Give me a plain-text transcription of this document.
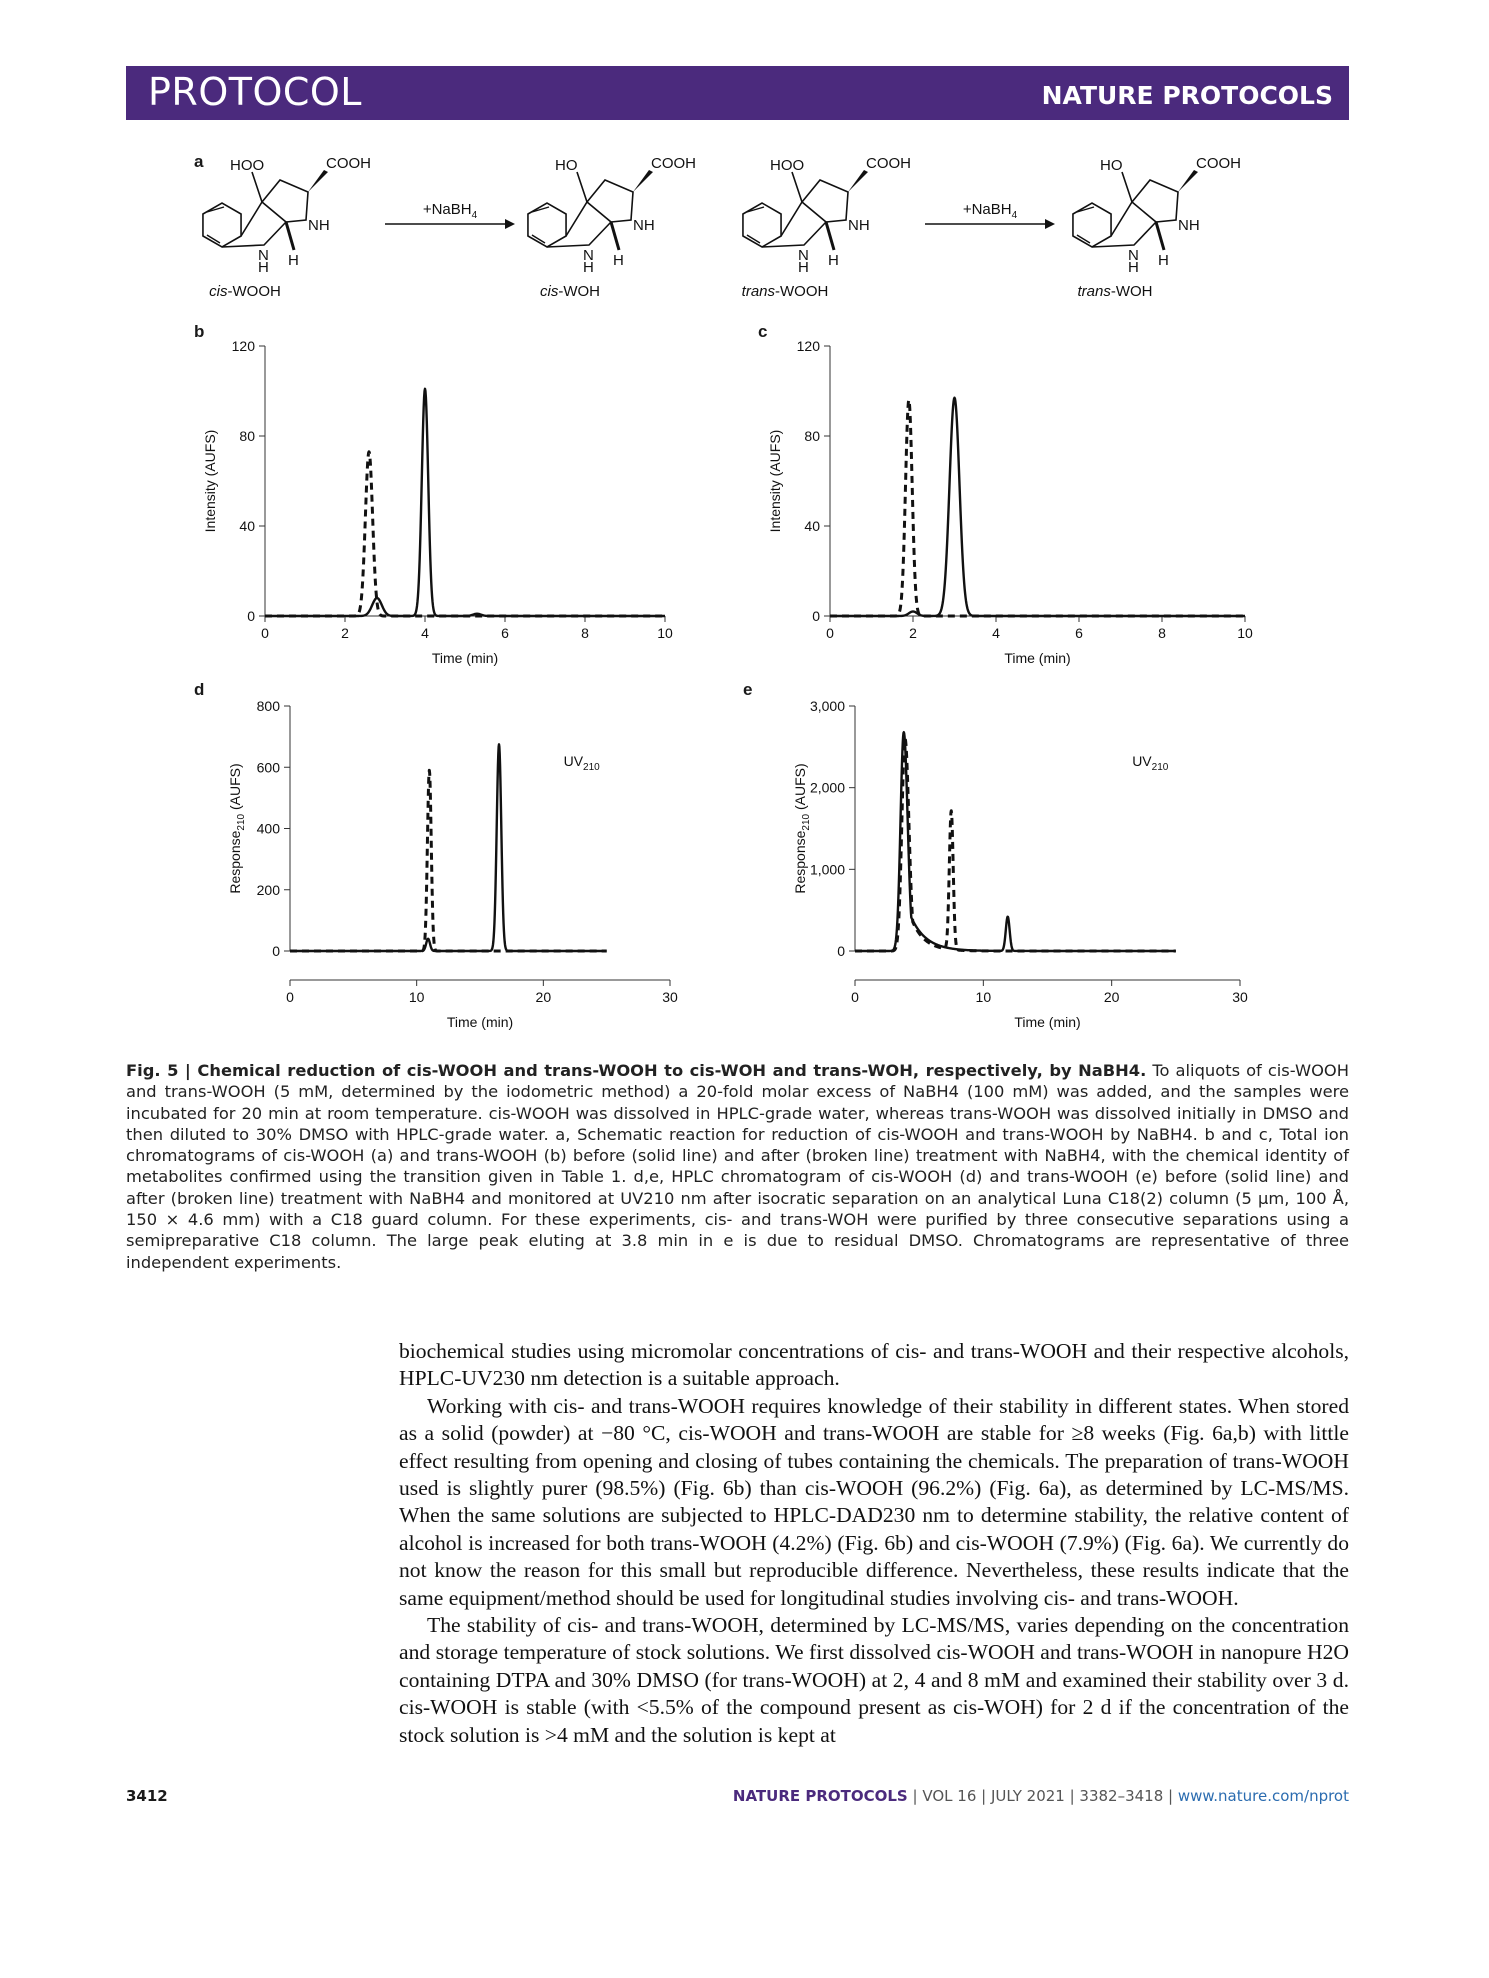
PROTOCOL	NATURE PROTOCOLS
a	COOH
HOO
NH
N
H H
cis-WOOH
COOH
HO
NH
N
H H
cis-WOH
COOH
HOO
NH
N
H H
trans-WOOH
COOH
HO
NH
N
H H
trans-WOH
+NaBH$_4$	+NaBH$_4$
b	c
d	e
0
40
80
120
0	2	4	6	8	10
Time (min)
Intensity (AUFS)
0
40
80
120
0	2	4	6	8	10
Time (min)
Intensity (AUFS)
0
200
400
600
800
0	10	20	30
Time (min)
Response$_{210}$ (AUFS)
$UV_{210}$
0
1,000
2,000
3,000
0	10	20	30
Time (min)
Response$_{210}$ (AUFS)
$UV_{210}$
Fig. 5 | Chemical reduction of cis-WOOH and trans-WOOH to cis-WOH and trans-WOH, respectively, by NaBH4. To aliquots of cis-WOOH and trans-WOOH (5 mM, determined by the iodometric method) a 20-fold molar excess of NaBH4 (100 mM) was added, and the samples were incubated for 20 min at room temperature. cis-WOOH was dissolved in HPLC-grade water, whereas trans-WOOH was dissolved initially in DMSO and then diluted to 30% DMSO with HPLC-grade water. a, Schematic reaction for reduction of cis-WOOH and trans-WOOH by NaBH4. b and c, Total ion chromatograms of cis-WOOH (a) and trans-WOOH (b) before (solid line) and after (broken line) treatment with NaBH4, with the chemical identity of metabolites confirmed using the transition given in Table 1. d,e, HPLC chromatogram of cis-WOOH (d) and trans-WOOH (e) before (solid line) and after (broken line) treatment with NaBH4 and monitored at UV210 nm after isocratic separation on an analytical Luna C18(2) column (5 μm, 100 Å, 150 × 4.6 mm) with a C18 guard column. For these experiments, cis- and trans-WOH were purified by three consecutive separations using a semipreparative C18 column. The large peak eluting at 3.8 min in e is due to residual DMSO. Chromatograms are representative of three independent experiments.

biochemical studies using micromolar concentrations of cis- and trans-WOOH and their respective alcohols, HPLC-UV230 nm detection is a suitable approach.

Working with cis- and trans-WOOH requires knowledge of their stability in different states. When stored as a solid (powder) at −80 °C, cis-WOOH and trans-WOOH are stable for ≥8 weeks (Fig. 6a,b) with little effect resulting from opening and closing of tubes containing the chemicals. The preparation of trans-WOOH used is slightly purer (98.5%) (Fig. 6b) than cis-WOOH (96.2%) (Fig. 6a), as determined by LC-MS/MS. When the same solutions are subjected to HPLC-DAD230 nm to determine stability, the relative content of alcohol is increased for both trans-WOOH (4.2%) (Fig. 6b) and cis-WOOH (7.9%) (Fig. 6a). We currently do not know the reason for this small but reproducible difference. Nevertheless, these results indicate that the same equipment/method should be used for longitudinal studies involving cis- and trans-WOOH.

The stability of cis- and trans-WOOH, determined by LC-MS/MS, varies depending on the concentration and storage temperature of stock solutions. We first dissolved cis-WOOH and trans-WOOH in nanopure H2O containing DTPA and 30% DMSO (for trans-WOOH) at 2, 4 and 8 mM and examined their stability over 3 d. cis-WOOH is stable (with <5.5% of the compound present as cis-WOH) for 2 d if the concentration of the stock solution is >4 mM and the solution is kept at

3412	NATURE PROTOCOLS | VOL 16 | JULY 2021 | 3382–3418 | www.nature.com/nprot
